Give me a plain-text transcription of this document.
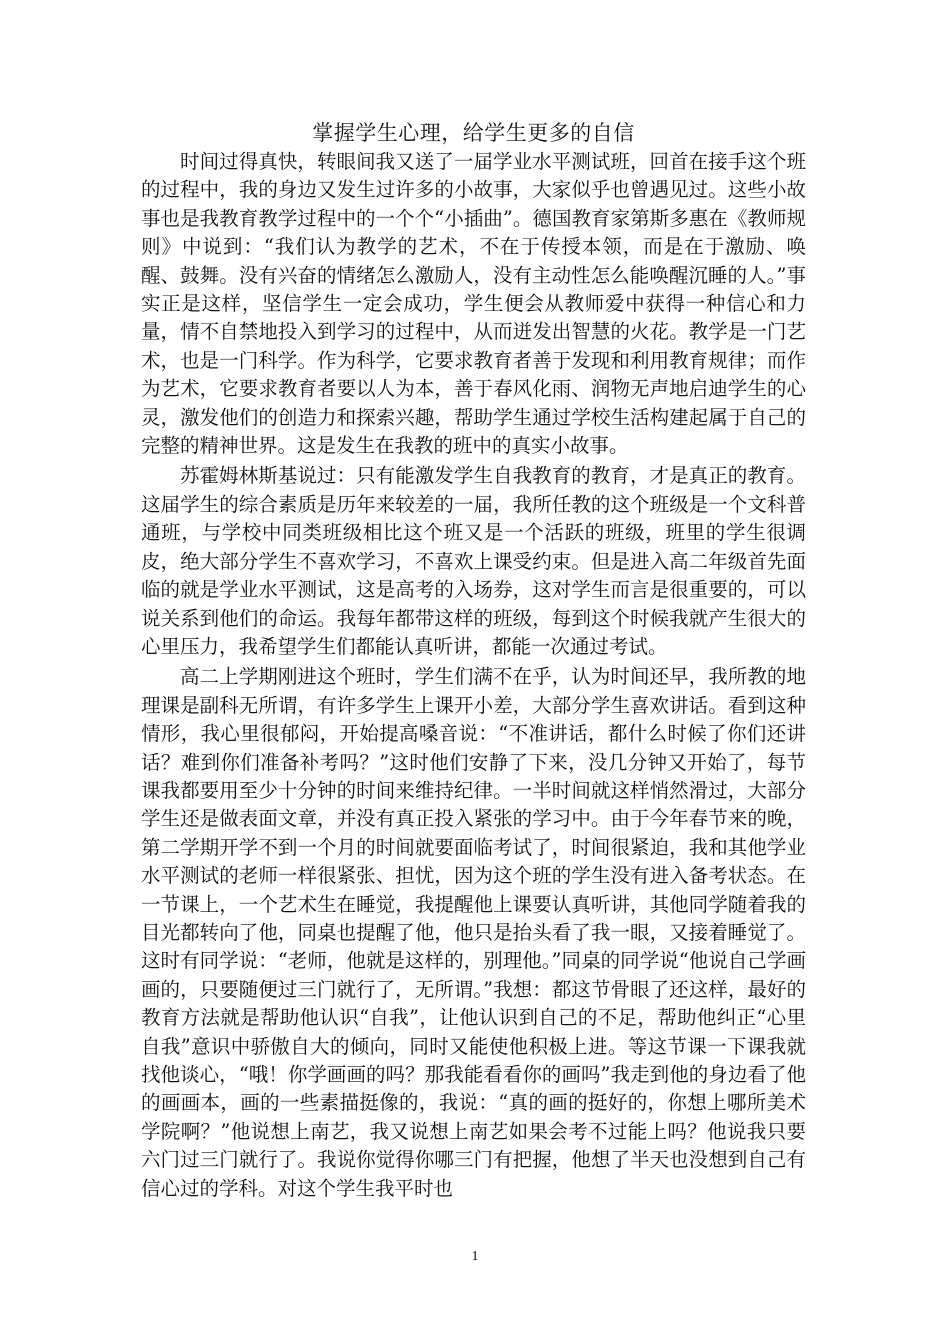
掌握学生心理，给学生更多的自信

时间过得真快，转眼间我又送了一届学业水平测试班，回首在接手这个班的过程中，我的身边又发生过许多的小故事，大家似乎也曾遇见过。这些小故事也是我教育教学过程中的一个个“小插曲”。德国教育家第斯多惠在《教师规则》中说到：“我们认为教学的艺术，不在于传授本领，而是在于激励、唤醒、鼓舞。没有兴奋的情绪怎么激励人，没有主动性怎么能唤醒沉睡的人。”事实正是这样，坚信学生一定会成功，学生便会从教师爱中获得一种信心和力量，情不自禁地投入到学习的过程中，从而迸发出智慧的火花。教学是一门艺术，也是一门科学。作为科学，它要求教育者善于发现和利用教育规律；而作为艺术，它要求教育者要以人为本，善于春风化雨、润物无声地启迪学生的心灵，激发他们的创造力和探索兴趣，帮助学生通过学校生活构建起属于自己的完整的精神世界。这是发生在我教的班中的真实小故事。

苏霍姆林斯基说过：只有能激发学生自我教育的教育，才是真正的教育。这届学生的综合素质是历年来较差的一届，我所任教的这个班级是一个文科普通班，与学校中同类班级相比这个班又是一个活跃的班级，班里的学生很调皮，绝大部分学生不喜欢学习，不喜欢上课受约束。但是进入高二年级首先面临的就是学业水平测试，这是高考的入场券，这对学生而言是很重要的，可以说关系到他们的命运。我每年都带这样的班级，每到这个时候我就产生很大的心里压力，我希望学生们都能认真听讲，都能一次通过考试。

高二上学期刚进这个班时，学生们满不在乎，认为时间还早，我所教的地理课是副科无所谓，有许多学生上课开小差，大部分学生喜欢讲话。看到这种情形，我心里很郁闷，开始提高嗓音说：“不准讲话，都什么时候了你们还讲话？难到你们准备补考吗？”这时他们安静了下来，没几分钟又开始了，每节课我都要用至少十分钟的时间来维持纪律。一半时间就这样悄然滑过，大部分学生还是做表面文章，并没有真正投入紧张的学习中。由于今年春节来的晚，第二学期开学不到一个月的时间就要面临考试了，时间很紧迫，我和其他学业水平测试的老师一样很紧张、担忧，因为这个班的学生没有进入备考状态。在一节课上，一个艺术生在睡觉，我提醒他上课要认真听讲，其他同学随着我的目光都转向了他，同桌也提醒了他，他只是抬头看了我一眼，又接着睡觉了。这时有同学说：“老师，他就是这样的，别理他。”同桌的同学说“他说自己学画画的，只要随便过三门就行了，无所谓。”我想：都这节骨眼了还这样，最好的教育方法就是帮助他认识“自我”，让他认识到自己的不足，帮助他纠正“心里自我”意识中骄傲自大的倾向，同时又能使他积极上进。等这节课一下课我就找他谈心，“哦！你学画画的吗？那我能看看你的画吗”我走到他的身边看了他的画画本，画的一些素描挺像的，我说：“真的画的挺好的，你想上哪所美术学院啊？”他说想上南艺，我又说想上南艺如果会考不过能上吗？他说我只要六门过三门就行了。我说你觉得你哪三门有把握，他想了半天也没想到自己有信心过的学科。对这个学生我平时也

1
